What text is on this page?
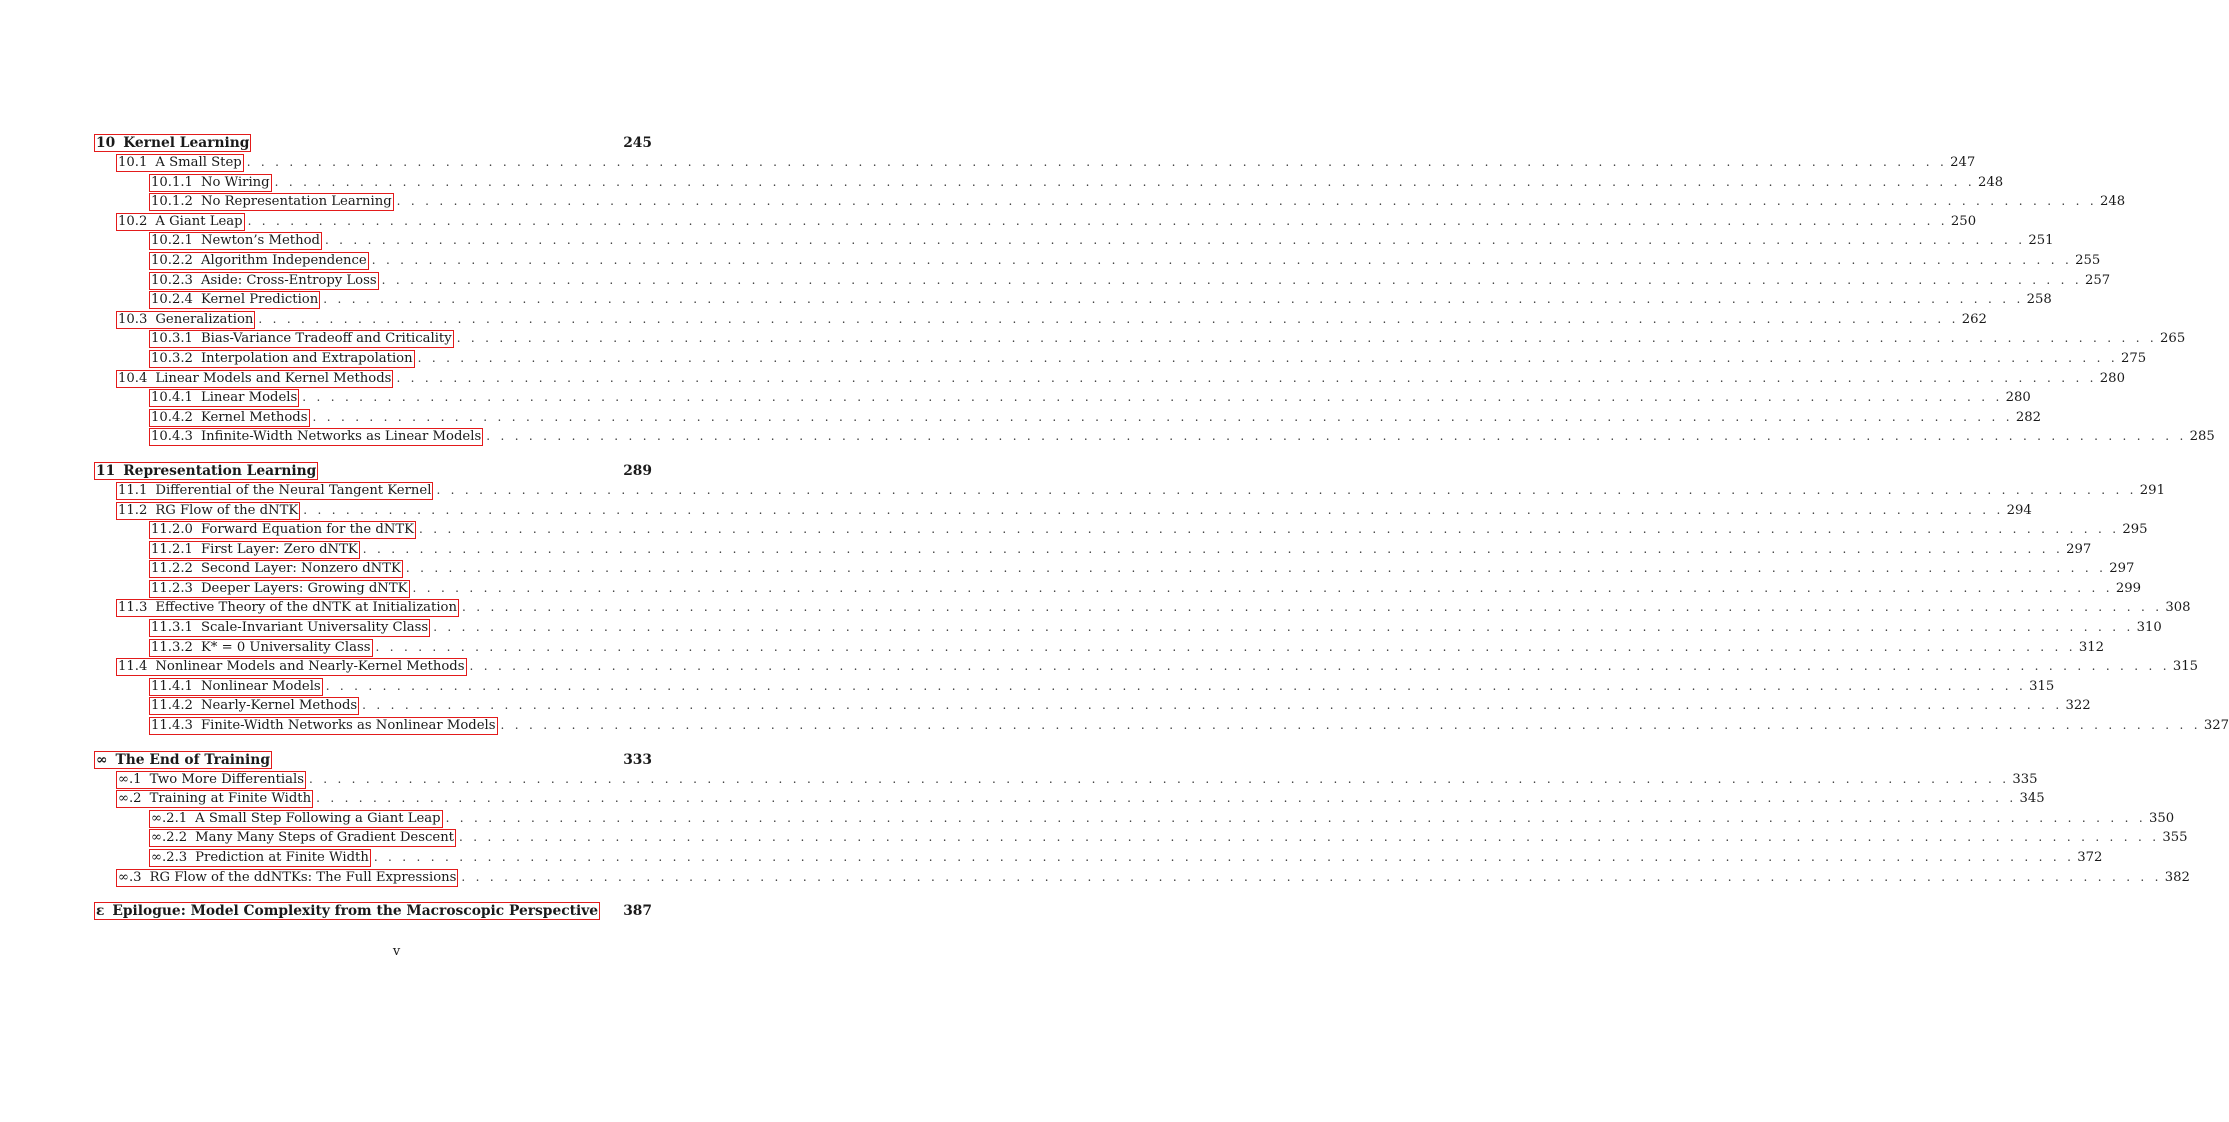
10 Kernel Learning	245
10.1 A Small Step . . . . . . . . . . . . . . . . . . . . . . . . . . . . . . . . . . . . . . . . . . . . . . . . . . . . . . . . . . . . . . . . . . . . . . . . . . . . . . . . . . . . . . . . . . . . . . . . . . . . . . . . . . . . . . . . . . . . . . . . 247
10.1.1 No Wiring . . . . . . . . . . . . . . . . . . . . . . . . . . . . . . . . . . . . . . . . . . . . . . . . . . . . . . . . . . . . . . . . . . . . . . . . . . . . . . . . . . . . . . . . . . . . . . . . . . . . . . . . . . . . . . . . . . . . . . . . 248
10.1.2 No Representation Learning . . . . . . . . . . . . . . . . . . . . . . . . . . . . . . . . . . . . . . . . . . . . . . . . . . . . . . . . . . . . . . . . . . . . . . . . . . . . . . . . . . . . . . . . . . . . . . . . . . . . . . . . . . . . . . . . . . . . . . . . 248
10.2 A Giant Leap . . . . . . . . . . . . . . . . . . . . . . . . . . . . . . . . . . . . . . . . . . . . . . . . . . . . . . . . . . . . . . . . . . . . . . . . . . . . . . . . . . . . . . . . . . . . . . . . . . . . . . . . . . . . . . . . . . . . . . . . 250
10.2.1 Newton’s Method . . . . . . . . . . . . . . . . . . . . . . . . . . . . . . . . . . . . . . . . . . . . . . . . . . . . . . . . . . . . . . . . . . . . . . . . . . . . . . . . . . . . . . . . . . . . . . . . . . . . . . . . . . . . . . . . . . . . . . . . 251
10.2.2 Algorithm Independence . . . . . . . . . . . . . . . . . . . . . . . . . . . . . . . . . . . . . . . . . . . . . . . . . . . . . . . . . . . . . . . . . . . . . . . . . . . . . . . . . . . . . . . . . . . . . . . . . . . . . . . . . . . . . . . . . . . . . . . . 255
10.2.3 Aside: Cross-Entropy Loss . . . . . . . . . . . . . . . . . . . . . . . . . . . . . . . . . . . . . . . . . . . . . . . . . . . . . . . . . . . . . . . . . . . . . . . . . . . . . . . . . . . . . . . . . . . . . . . . . . . . . . . . . . . . . . . . . . . . . . . . 257
10.2.4 Kernel Prediction . . . . . . . . . . . . . . . . . . . . . . . . . . . . . . . . . . . . . . . . . . . . . . . . . . . . . . . . . . . . . . . . . . . . . . . . . . . . . . . . . . . . . . . . . . . . . . . . . . . . . . . . . . . . . . . . . . . . . . . . 258
10.3 Generalization . . . . . . . . . . . . . . . . . . . . . . . . . . . . . . . . . . . . . . . . . . . . . . . . . . . . . . . . . . . . . . . . . . . . . . . . . . . . . . . . . . . . . . . . . . . . . . . . . . . . . . . . . . . . . . . . . . . . . . . . 262
10.3.1 Bias-Variance Tradeoff and Criticality . . . . . . . . . . . . . . . . . . . . . . . . . . . . . . . . . . . . . . . . . . . . . . . . . . . . . . . . . . . . . . . . . . . . . . . . . . . . . . . . . . . . . . . . . . . . . . . . . . . . . . . . . . . . . . . . . . . . . . . . 265
10.3.2 Interpolation and Extrapolation . . . . . . . . . . . . . . . . . . . . . . . . . . . . . . . . . . . . . . . . . . . . . . . . . . . . . . . . . . . . . . . . . . . . . . . . . . . . . . . . . . . . . . . . . . . . . . . . . . . . . . . . . . . . . . . . . . . . . . . . 275
10.4 Linear Models and Kernel Methods . . . . . . . . . . . . . . . . . . . . . . . . . . . . . . . . . . . . . . . . . . . . . . . . . . . . . . . . . . . . . . . . . . . . . . . . . . . . . . . . . . . . . . . . . . . . . . . . . . . . . . . . . . . . . . . . . . . . . . . . 280
10.4.1 Linear Models . . . . . . . . . . . . . . . . . . . . . . . . . . . . . . . . . . . . . . . . . . . . . . . . . . . . . . . . . . . . . . . . . . . . . . . . . . . . . . . . . . . . . . . . . . . . . . . . . . . . . . . . . . . . . . . . . . . . . . . . 280
10.4.2 Kernel Methods . . . . . . . . . . . . . . . . . . . . . . . . . . . . . . . . . . . . . . . . . . . . . . . . . . . . . . . . . . . . . . . . . . . . . . . . . . . . . . . . . . . . . . . . . . . . . . . . . . . . . . . . . . . . . . . . . . . . . . . . 282
10.4.3 Infinite-Width Networks as Linear Models . . . . . . . . . . . . . . . . . . . . . . . . . . . . . . . . . . . . . . . . . . . . . . . . . . . . . . . . . . . . . . . . . . . . . . . . . . . . . . . . . . . . . . . . . . . . . . . . . . . . . . . . . . . . . . . . . . . . . . . . 285
11 Representation Learning	289
11.1 Differential of the Neural Tangent Kernel . . . . . . . . . . . . . . . . . . . . . . . . . . . . . . . . . . . . . . . . . . . . . . . . . . . . . . . . . . . . . . . . . . . . . . . . . . . . . . . . . . . . . . . . . . . . . . . . . . . . . . . . . . . . . . . . . . . . . . . . 291
11.2 RG Flow of the dNTK . . . . . . . . . . . . . . . . . . . . . . . . . . . . . . . . . . . . . . . . . . . . . . . . . . . . . . . . . . . . . . . . . . . . . . . . . . . . . . . . . . . . . . . . . . . . . . . . . . . . . . . . . . . . . . . . . . . . . . . . 294
11.2.0 Forward Equation for the dNTK . . . . . . . . . . . . . . . . . . . . . . . . . . . . . . . . . . . . . . . . . . . . . . . . . . . . . . . . . . . . . . . . . . . . . . . . . . . . . . . . . . . . . . . . . . . . . . . . . . . . . . . . . . . . . . . . . . . . . . . . 295
11.2.1 First Layer: Zero dNTK . . . . . . . . . . . . . . . . . . . . . . . . . . . . . . . . . . . . . . . . . . . . . . . . . . . . . . . . . . . . . . . . . . . . . . . . . . . . . . . . . . . . . . . . . . . . . . . . . . . . . . . . . . . . . . . . . . . . . . . . 297
11.2.2 Second Layer: Nonzero dNTK . . . . . . . . . . . . . . . . . . . . . . . . . . . . . . . . . . . . . . . . . . . . . . . . . . . . . . . . . . . . . . . . . . . . . . . . . . . . . . . . . . . . . . . . . . . . . . . . . . . . . . . . . . . . . . . . . . . . . . . . 297
11.2.3 Deeper Layers: Growing dNTK . . . . . . . . . . . . . . . . . . . . . . . . . . . . . . . . . . . . . . . . . . . . . . . . . . . . . . . . . . . . . . . . . . . . . . . . . . . . . . . . . . . . . . . . . . . . . . . . . . . . . . . . . . . . . . . . . . . . . . . . 299
11.3 Effective Theory of the dNTK at Initialization . . . . . . . . . . . . . . . . . . . . . . . . . . . . . . . . . . . . . . . . . . . . . . . . . . . . . . . . . . . . . . . . . . . . . . . . . . . . . . . . . . . . . . . . . . . . . . . . . . . . . . . . . . . . . . . . . . . . . . . . 308
11.3.1 Scale-Invariant Universality Class . . . . . . . . . . . . . . . . . . . . . . . . . . . . . . . . . . . . . . . . . . . . . . . . . . . . . . . . . . . . . . . . . . . . . . . . . . . . . . . . . . . . . . . . . . . . . . . . . . . . . . . . . . . . . . . . . . . . . . . . 310
11.3.2 K* = 0 Universality Class . . . . . . . . . . . . . . . . . . . . . . . . . . . . . . . . . . . . . . . . . . . . . . . . . . . . . . . . . . . . . . . . . . . . . . . . . . . . . . . . . . . . . . . . . . . . . . . . . . . . . . . . . . . . . . . . . . . . . . . . 312
11.4 Nonlinear Models and Nearly-Kernel Methods . . . . . . . . . . . . . . . . . . . . . . . . . . . . . . . . . . . . . . . . . . . . . . . . . . . . . . . . . . . . . . . . . . . . . . . . . . . . . . . . . . . . . . . . . . . . . . . . . . . . . . . . . . . . . . . . . . . . . . . . 315
11.4.1 Nonlinear Models . . . . . . . . . . . . . . . . . . . . . . . . . . . . . . . . . . . . . . . . . . . . . . . . . . . . . . . . . . . . . . . . . . . . . . . . . . . . . . . . . . . . . . . . . . . . . . . . . . . . . . . . . . . . . . . . . . . . . . . . 315
11.4.2 Nearly-Kernel Methods . . . . . . . . . . . . . . . . . . . . . . . . . . . . . . . . . . . . . . . . . . . . . . . . . . . . . . . . . . . . . . . . . . . . . . . . . . . . . . . . . . . . . . . . . . . . . . . . . . . . . . . . . . . . . . . . . . . . . . . . 322
11.4.3 Finite-Width Networks as Nonlinear Models . . . . . . . . . . . . . . . . . . . . . . . . . . . . . . . . . . . . . . . . . . . . . . . . . . . . . . . . . . . . . . . . . . . . . . . . . . . . . . . . . . . . . . . . . . . . . . . . . . . . . . . . . . . . . . . . . . . . . . . . 327
∞ The End of Training	333
∞.1 Two More Differentials . . . . . . . . . . . . . . . . . . . . . . . . . . . . . . . . . . . . . . . . . . . . . . . . . . . . . . . . . . . . . . . . . . . . . . . . . . . . . . . . . . . . . . . . . . . . . . . . . . . . . . . . . . . . . . . . . . . . . . . . 335
∞.2 Training at Finite Width . . . . . . . . . . . . . . . . . . . . . . . . . . . . . . . . . . . . . . . . . . . . . . . . . . . . . . . . . . . . . . . . . . . . . . . . . . . . . . . . . . . . . . . . . . . . . . . . . . . . . . . . . . . . . . . . . . . . . . . . 345
∞.2.1 A Small Step Following a Giant Leap . . . . . . . . . . . . . . . . . . . . . . . . . . . . . . . . . . . . . . . . . . . . . . . . . . . . . . . . . . . . . . . . . . . . . . . . . . . . . . . . . . . . . . . . . . . . . . . . . . . . . . . . . . . . . . . . . . . . . . . . 350
∞.2.2 Many Many Steps of Gradient Descent . . . . . . . . . . . . . . . . . . . . . . . . . . . . . . . . . . . . . . . . . . . . . . . . . . . . . . . . . . . . . . . . . . . . . . . . . . . . . . . . . . . . . . . . . . . . . . . . . . . . . . . . . . . . . . . . . . . . . . . . 355
∞.2.3 Prediction at Finite Width . . . . . . . . . . . . . . . . . . . . . . . . . . . . . . . . . . . . . . . . . . . . . . . . . . . . . . . . . . . . . . . . . . . . . . . . . . . . . . . . . . . . . . . . . . . . . . . . . . . . . . . . . . . . . . . . . . . . . . . . 372
∞.3 RG Flow of the ddNTKs: The Full Expressions . . . . . . . . . . . . . . . . . . . . . . . . . . . . . . . . . . . . . . . . . . . . . . . . . . . . . . . . . . . . . . . . . . . . . . . . . . . . . . . . . . . . . . . . . . . . . . . . . . . . . . . . . . . . . . . . . . . . . . . . 382
ε Epilogue: Model Complexity from the Macroscopic Perspective 387
v
